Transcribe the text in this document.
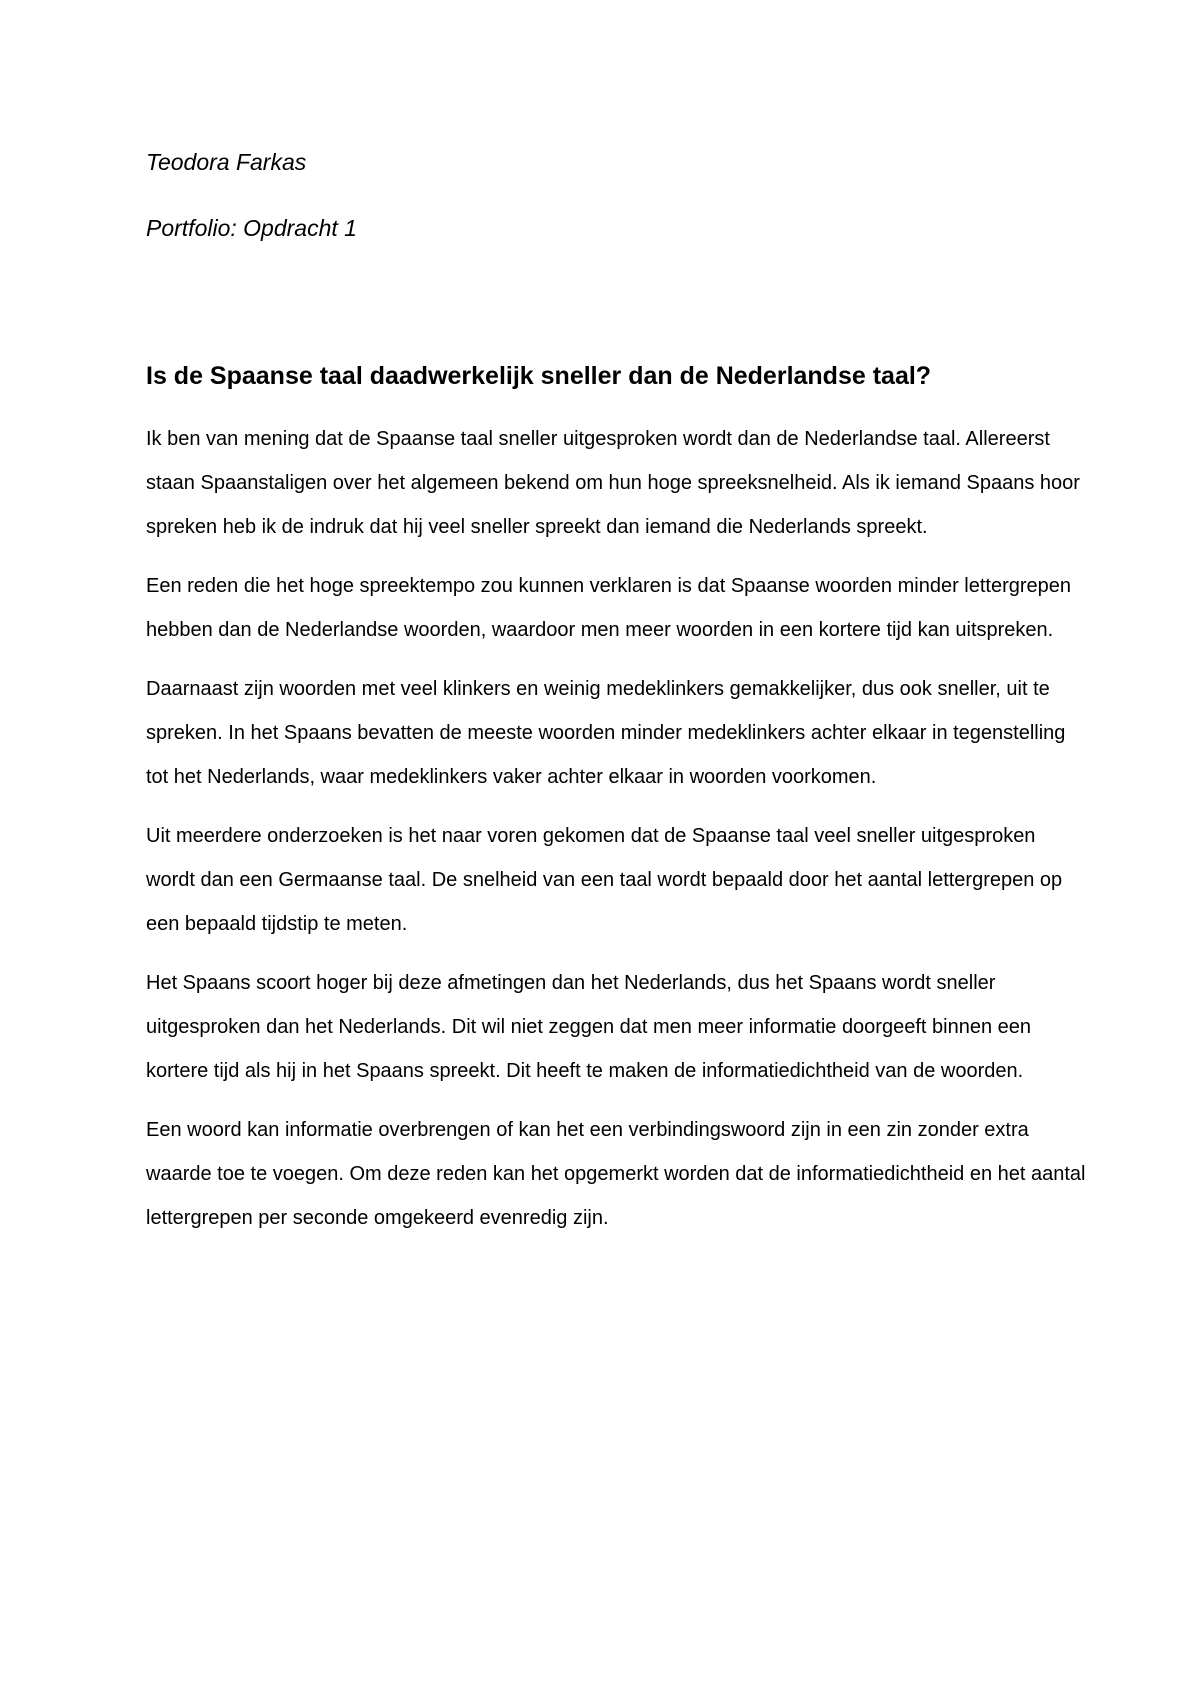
Teodora Farkas

Portfolio: Opdracht 1

Is de Spaanse taal daadwerkelijk sneller dan de Nederlandse taal?

Ik ben van mening dat de Spaanse taal sneller uitgesproken wordt dan de Nederlandse taal. Allereerst staan Spaanstaligen over het algemeen bekend om hun hoge spreeksnelheid. Als ik iemand Spaans hoor spreken heb ik de indruk dat hij veel sneller spreekt dan iemand die Nederlands spreekt.

Een reden die het hoge spreektempo zou kunnen verklaren is dat Spaanse woorden minder lettergrepen hebben dan de Nederlandse woorden, waardoor men meer woorden in een kortere tijd kan uitspreken.

Daarnaast zijn woorden met veel klinkers en weinig medeklinkers gemakkelijker, dus ook sneller, uit te spreken. In het Spaans bevatten de meeste woorden minder medeklinkers achter elkaar in tegenstelling tot het Nederlands, waar medeklinkers vaker achter elkaar in woorden voorkomen.

Uit meerdere onderzoeken is het naar voren gekomen dat de Spaanse taal veel sneller uitgesproken wordt dan een Germaanse taal. De snelheid van een taal wordt bepaald door het aantal lettergrepen op een bepaald tijdstip te meten.

Het Spaans scoort hoger bij deze afmetingen dan het Nederlands, dus het Spaans wordt sneller uitgesproken dan het Nederlands. Dit wil niet zeggen dat men meer informatie doorgeeft binnen een kortere tijd als hij in het Spaans spreekt. Dit heeft te maken de informatiedichtheid van de woorden.

Een woord kan informatie overbrengen of kan het een verbindingswoord zijn in een zin zonder extra waarde toe te voegen. Om deze reden kan het opgemerkt worden dat de informatiedichtheid en het aantal lettergrepen per seconde omgekeerd evenredig zijn.
